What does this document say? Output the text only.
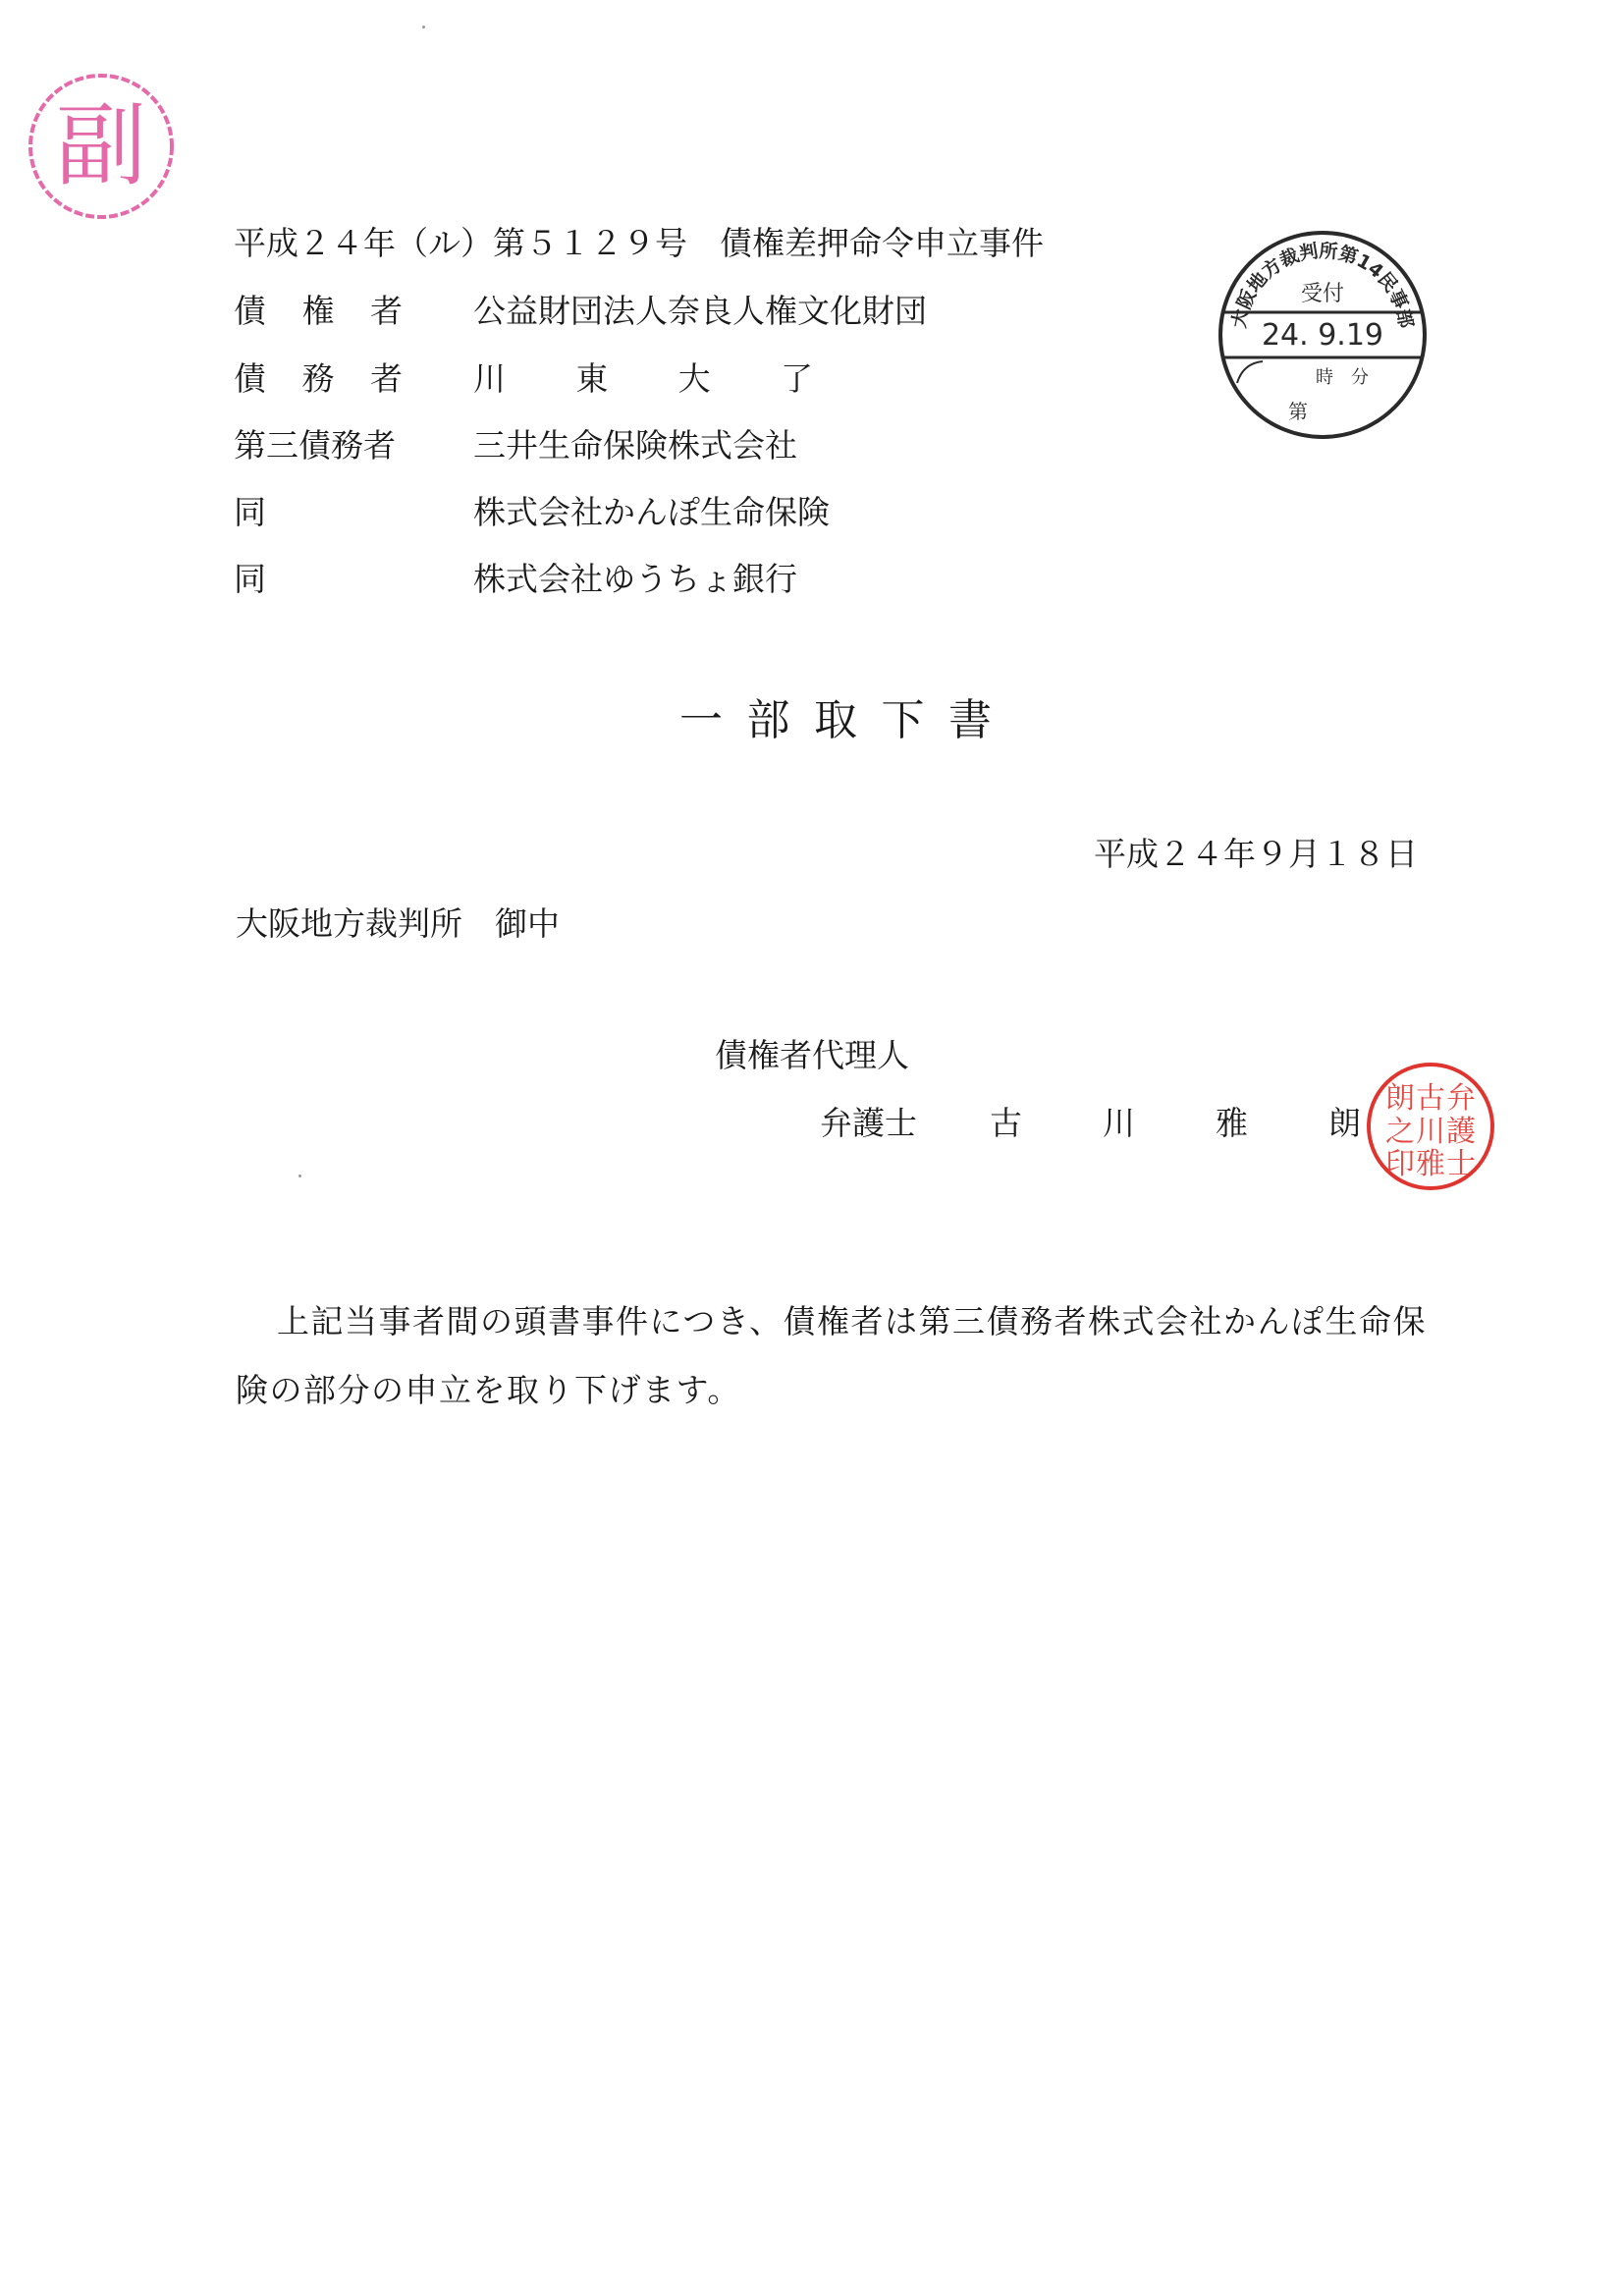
副
平成２４年（ル）第５１２９号　債権差押命令申立事件
債 権 者 公益財団法人奈良人権文化財団
債 務 者 川 東 大 了
第三債務者 三井生命保険株式会社
同	株式会社かんぽ生命保険
同	株式会社ゆうちょ銀行
大阪地方裁判所第14民事部
受付
24. 9.19
時　分
第
一 部 取 下 書
平成２４年９月１８日
大阪地方裁判所　御中
債権者代理人
弁護士 古 川 雅 朗
弁
護
士
古
川
雅
朗
之
印
上記当事者間の頭書事件につき、債権者は第三債務者株式会社かんぽ生命保
険の部分の申立を取り下げます。
